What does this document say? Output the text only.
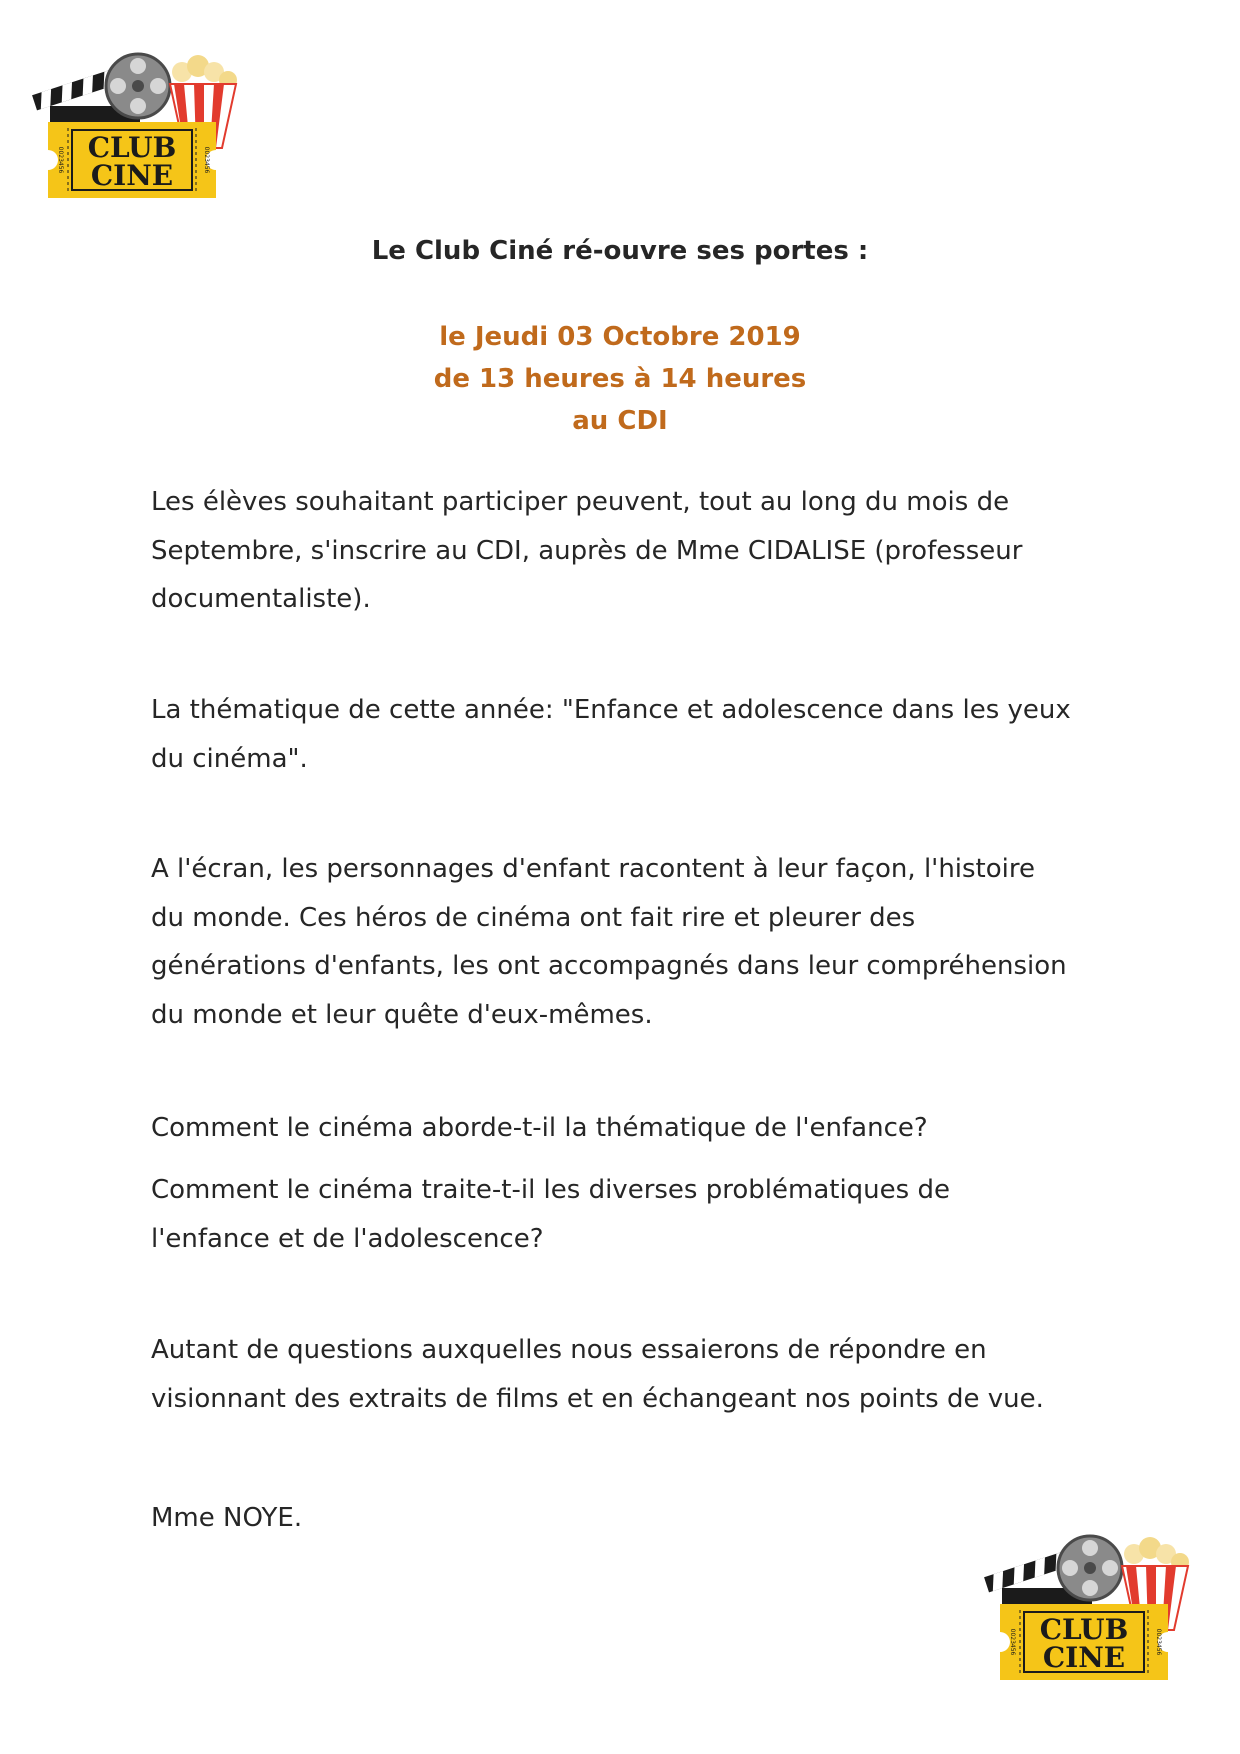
CLUB
CINE
0023456	0023456
Le Club Ciné ré-ouvre ses portes :
le Jeudi 03 Octobre 2019
de 13 heures à 14 heures
au CDI

Les élèves souhaitant participer peuvent, tout au long du mois de Septembre, s'inscrire au CDI, auprès de Mme CIDALISE (professeur documentaliste).

La thématique de cette année: "Enfance et adolescence dans les yeux du cinéma".

A l'écran, les personnages d'enfant racontent à leur façon, l'histoire du monde. Ces héros de cinéma ont fait rire et pleurer des générations d'enfants, les ont accompagnés dans leur compréhension du monde et leur quête d'eux-mêmes.

Comment le cinéma aborde-t-il la thématique de l'enfance?

Comment le cinéma traite-t-il les diverses problématiques de l'enfance et de l'adolescence?

Autant de questions auxquelles nous essaierons de répondre en visionnant des extraits de films et en échangeant nos points de vue.

Mme NOYE.

CLUB
CINE
0023456	0023456
